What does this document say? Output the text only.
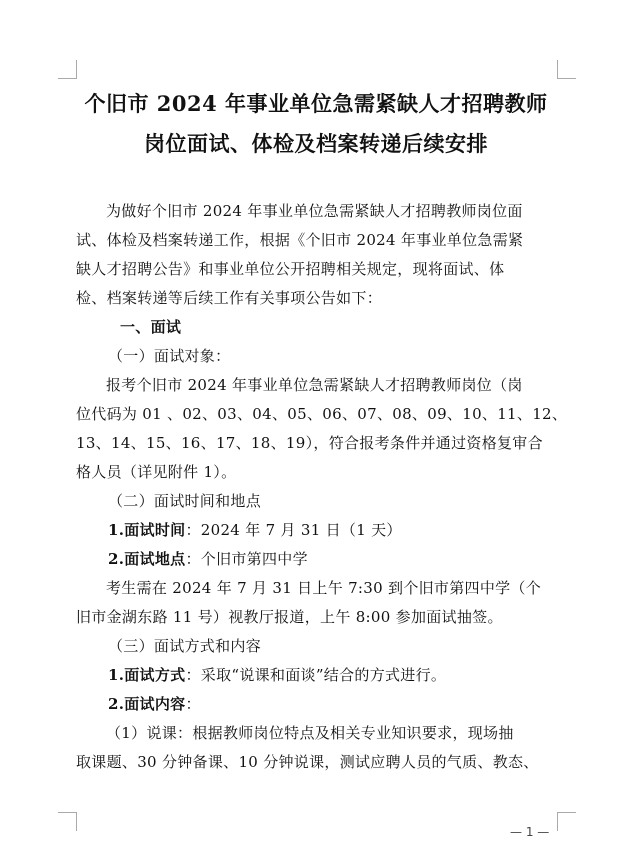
个旧市 2024 年事业单位急需紧缺人才招聘教师
岗位面试、体检及档案转递后续安排
为做好个旧市 2024 年事业单位急需紧缺人才招聘教师岗位面
试、体检及档案转递工作，根据《个旧市 2024 年事业单位急需紧
缺人才招聘公告》和事业单位公开招聘相关规定，现将面试、体
检、档案转递等后续工作有关事项公告如下：
一、面试
（一）面试对象：
报考个旧市 2024 年事业单位急需紧缺人才招聘教师岗位（岗
位代码为 01 、02、03、04、05、06、07、08、09、10、11、12、
13、14、15、16、17、18、19），符合报考条件并通过资格复审合
格人员（详见附件 1）。
（二）面试时间和地点
1.面试时间：2024 年 7 月 31 日（1 天）
2.面试地点：个旧市第四中学
考生需在 2024 年 7 月 31 日上午 7:30 到个旧市第四中学（个
旧市金湖东路 11 号）视教厅报道，上午 8:00 参加面试抽签。
（三）面试方式和内容
1.面试方式：采取“说课和面谈”结合的方式进行。
2.面试内容：
（1）说课：根据教师岗位特点及相关专业知识要求，现场抽
取课题、30 分钟备课、10 分钟说课，测试应聘人员的气质、教态、
— 1 —
